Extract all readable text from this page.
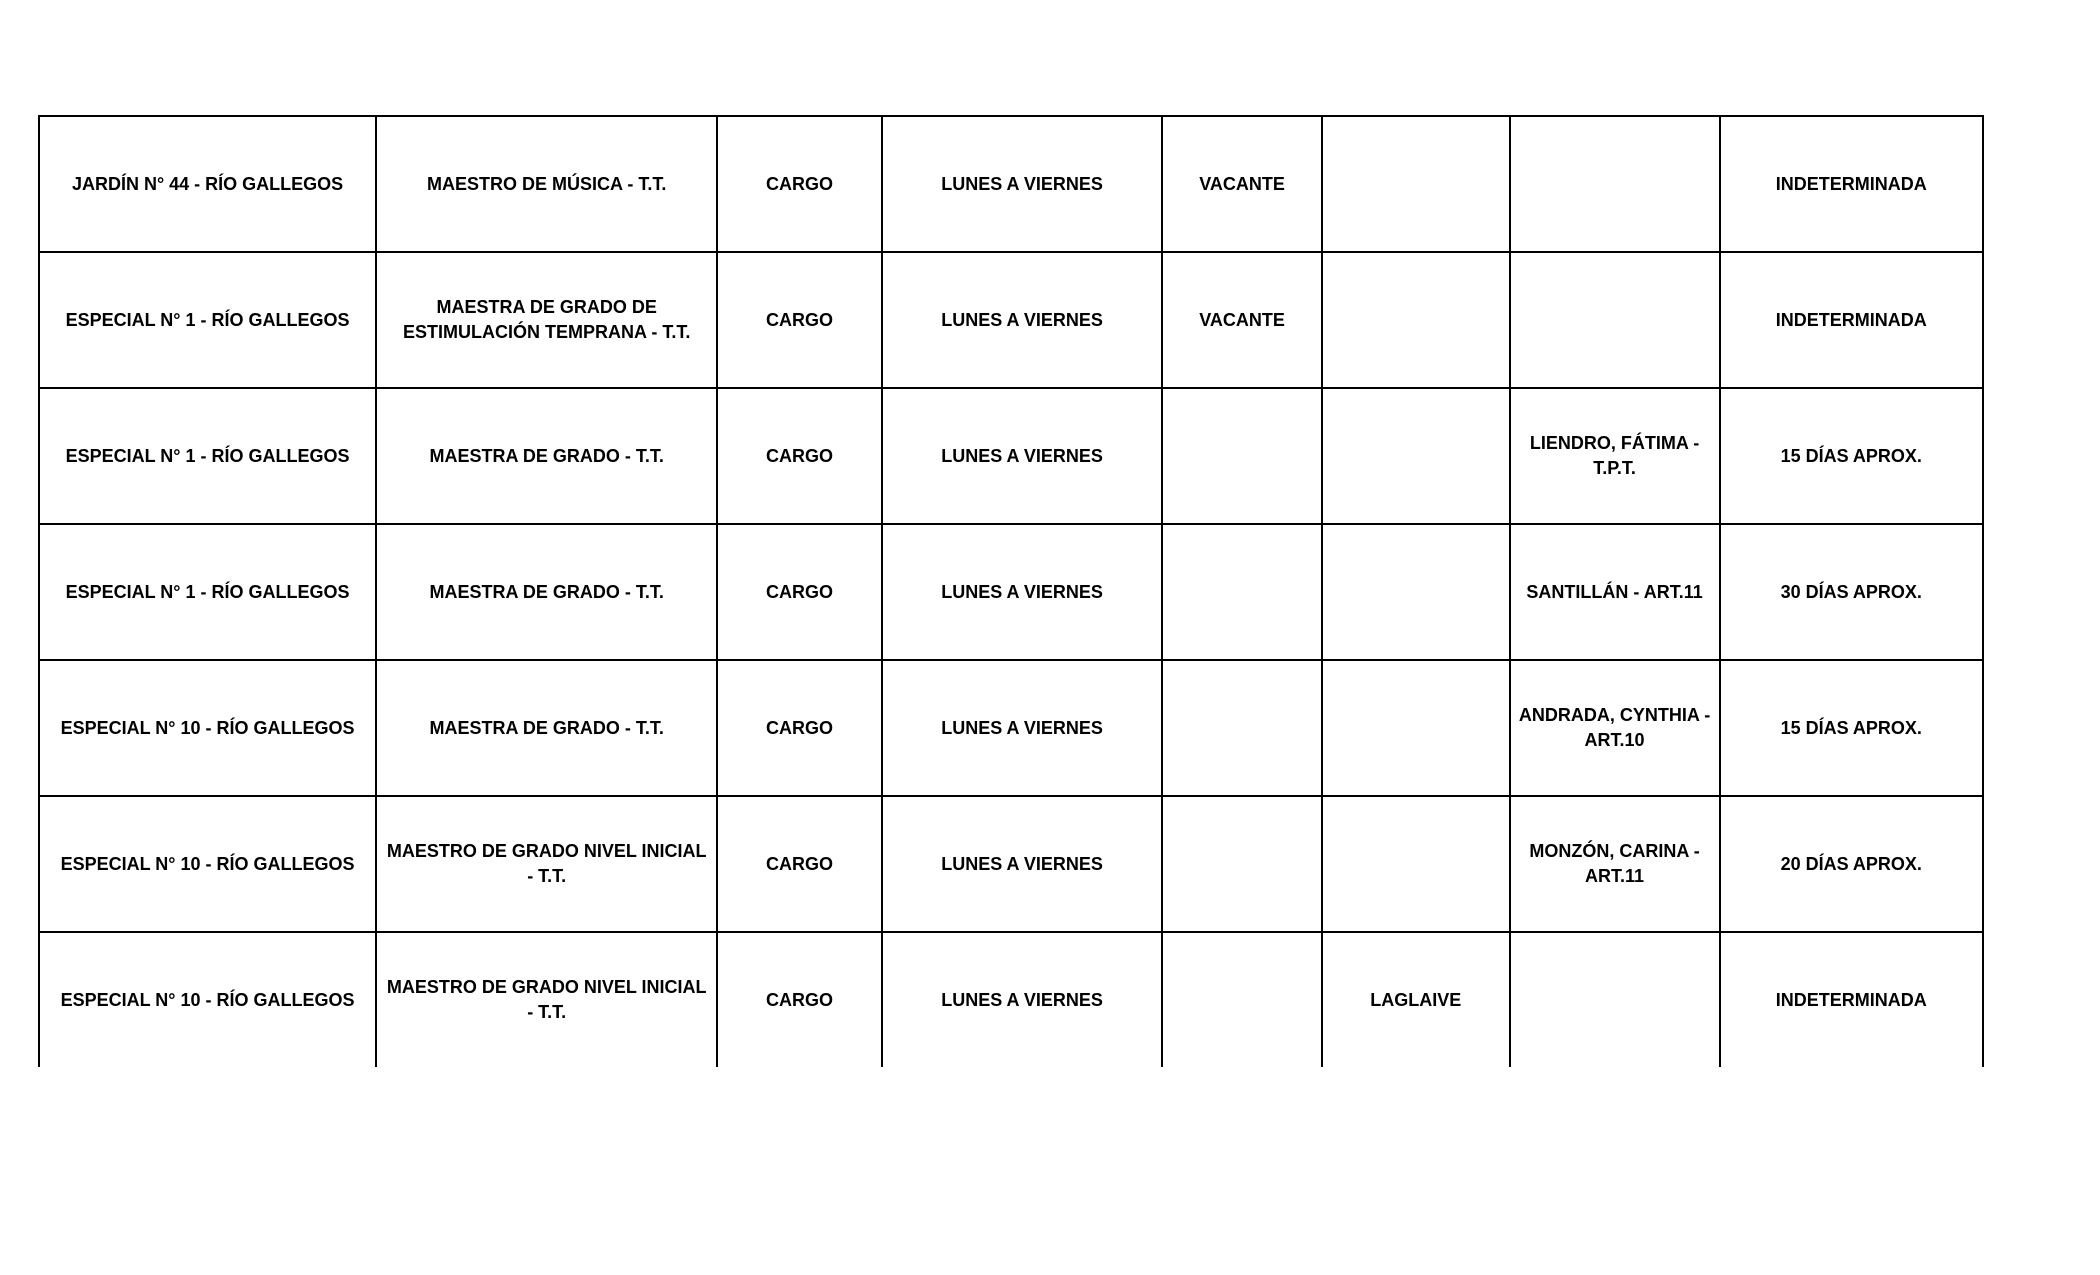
JARDÍN N° 44 - RÍO GALLEGOS	MAESTRO DE MÚSICA - T.T.	CARGO	LUNES A VIERNES	VACANTE			INDETERMINADA
ESPECIAL N° 1 - RÍO GALLEGOS	MAESTRA DE GRADO DE ESTIMULACIÓN TEMPRANA - T.T.	CARGO	LUNES A VIERNES	VACANTE			INDETERMINADA
ESPECIAL N° 1 - RÍO GALLEGOS	MAESTRA DE GRADO - T.T.	CARGO	LUNES A VIERNES			LIENDRO, FÁTIMA - T.P.T.	15 DÍAS APROX.
ESPECIAL N° 1 - RÍO GALLEGOS	MAESTRA DE GRADO - T.T.	CARGO	LUNES A VIERNES			SANTILLÁN - ART.11	30 DÍAS APROX.
ESPECIAL N° 10 - RÍO GALLEGOS	MAESTRA DE GRADO - T.T.	CARGO	LUNES A VIERNES			ANDRADA, CYNTHIA - ART.10	15 DÍAS APROX.
ESPECIAL N° 10 - RÍO GALLEGOS	MAESTRO DE GRADO NIVEL INICIAL - T.T.	CARGO	LUNES A VIERNES			MONZÓN, CARINA - ART.11	20 DÍAS APROX.
ESPECIAL N° 10 - RÍO GALLEGOS	MAESTRO DE GRADO NIVEL INICIAL - T.T.	CARGO	LUNES A VIERNES		LAGLAIVE		INDETERMINADA
